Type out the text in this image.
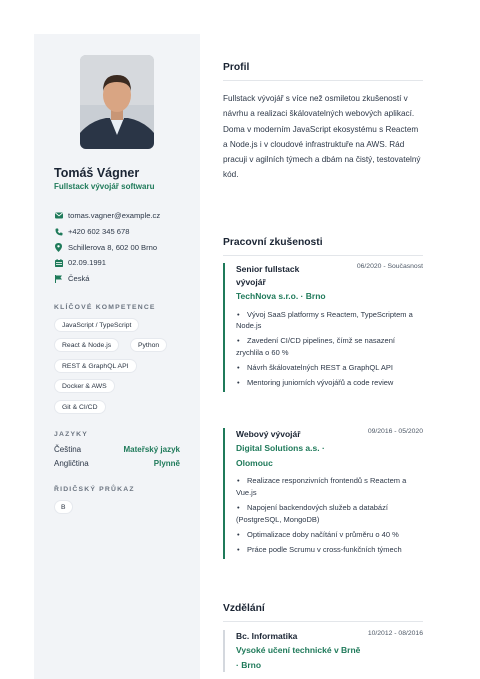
Tomáš Vágner
Fullstack vývojář softwaru
tomas.vagner@example.cz
+420 602 345 678
Schillerova 8, 602 00 Brno
02.09.1991
Česká
KLÍČOVÉ KOMPETENCE
JavaScript / TypeScript
React & Node.js	Python
REST & GraphQL API
Docker & AWS
Git & CI/CD
JAZYKY
Čeština	Mateřský jazyk
Angličtina	Plynně
ŘIDIČSKÝ PRŮKAZ
B
Profil
Fullstack vývojář s více než osmiletou zkušeností v návrhu a realizaci škálovatelných webových aplikací. Doma v moderním JavaScript ekosystému s Reactem a Node.js i v cloudové infrastruktuře na AWS. Rád pracuji v agilních týmech a dbám na čistý, testovatelný kód.
Pracovní zkušenosti
Senior fullstack vývojář
TechNova s.r.o. · Brno
06/2020 - Současnost
• Vývoj SaaS platformy s Reactem, TypeScriptem a Node.js
• Zavedení CI/CD pipelines, čímž se nasazení zrychlila o 60 %
• Návrh škálovatelných REST a GraphQL API
• Mentoring juniorních vývojářů a code review
Webový vývojář
Digital Solutions a.s. · Olomouc
09/2016 - 05/2020
• Realizace responzivních frontendů s Reactem a Vue.js
• Napojení backendových služeb a databází (PostgreSQL, MongoDB)
• Optimalizace doby načítání v průměru o 40 %
• Práce podle Scrumu v cross-funkčních týmech
Vzdělání
Bc. Informatika
Vysoké učení technické v Brně · Brno
10/2012 - 08/2016
